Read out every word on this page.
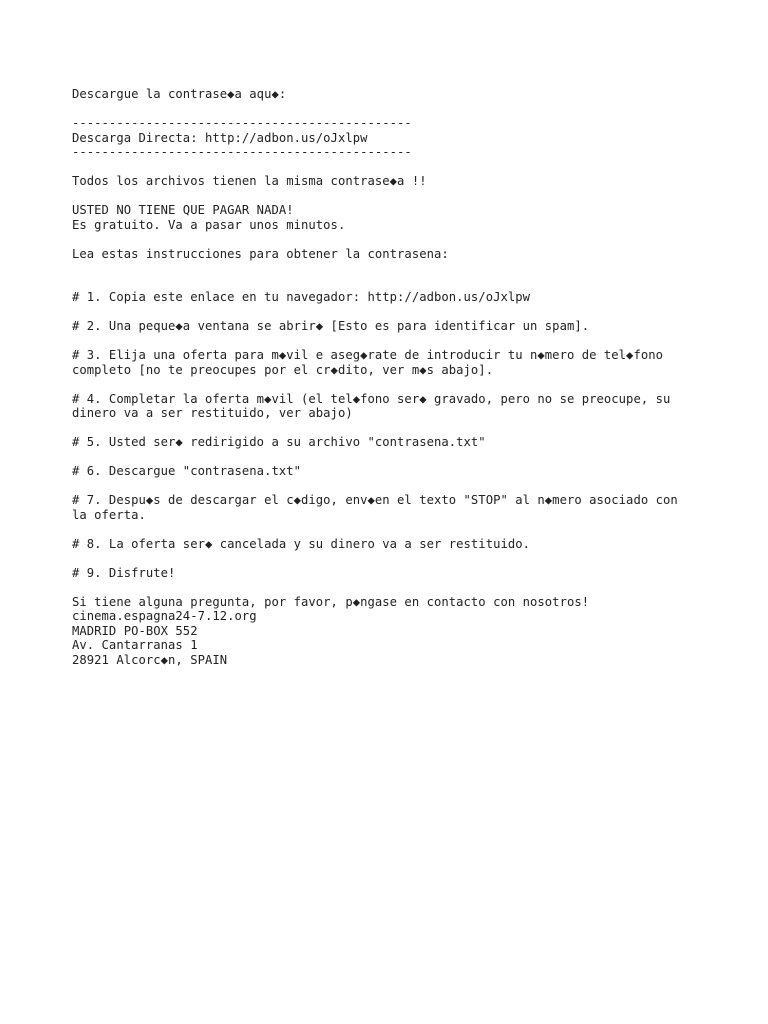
Descargue la contrase◆a aqu◆:
----------------------------------------------
Descarga Directa: http://adbon.us/oJxlpw
----------------------------------------------
Todos los archivos tienen la misma contrase◆a !!
USTED NO TIENE QUE PAGAR NADA!
Es gratuito. Va a pasar unos minutos.
Lea estas instrucciones para obtener la contrasena:
# 1. Copia este enlace en tu navegador: http://adbon.us/oJxlpw
# 2. Una peque◆a ventana se abrir◆ [Esto es para identificar un spam].
# 3. Elija una oferta para m◆vil e aseg◆rate de introducir tu n◆mero de tel◆fono
completo [no te preocupes por el cr◆dito, ver m◆s abajo].
# 4. Completar la oferta m◆vil (el tel◆fono ser◆ gravado, pero no se preocupe, su
dinero va a ser restituido, ver abajo)
# 5. Usted ser◆ redirigido a su archivo "contrasena.txt"
# 6. Descargue "contrasena.txt"
# 7. Despu◆s de descargar el c◆digo, env◆en el texto "STOP" al n◆mero asociado con
la oferta.
# 8. La oferta ser◆ cancelada y su dinero va a ser restituido.
# 9. Disfrute!
Si tiene alguna pregunta, por favor, p◆ngase en contacto con nosotros!
cinema.espagna24-7.12.org
MADRID PO-BOX 552
Av. Cantarranas 1
28921 Alcorc◆n, SPAIN
